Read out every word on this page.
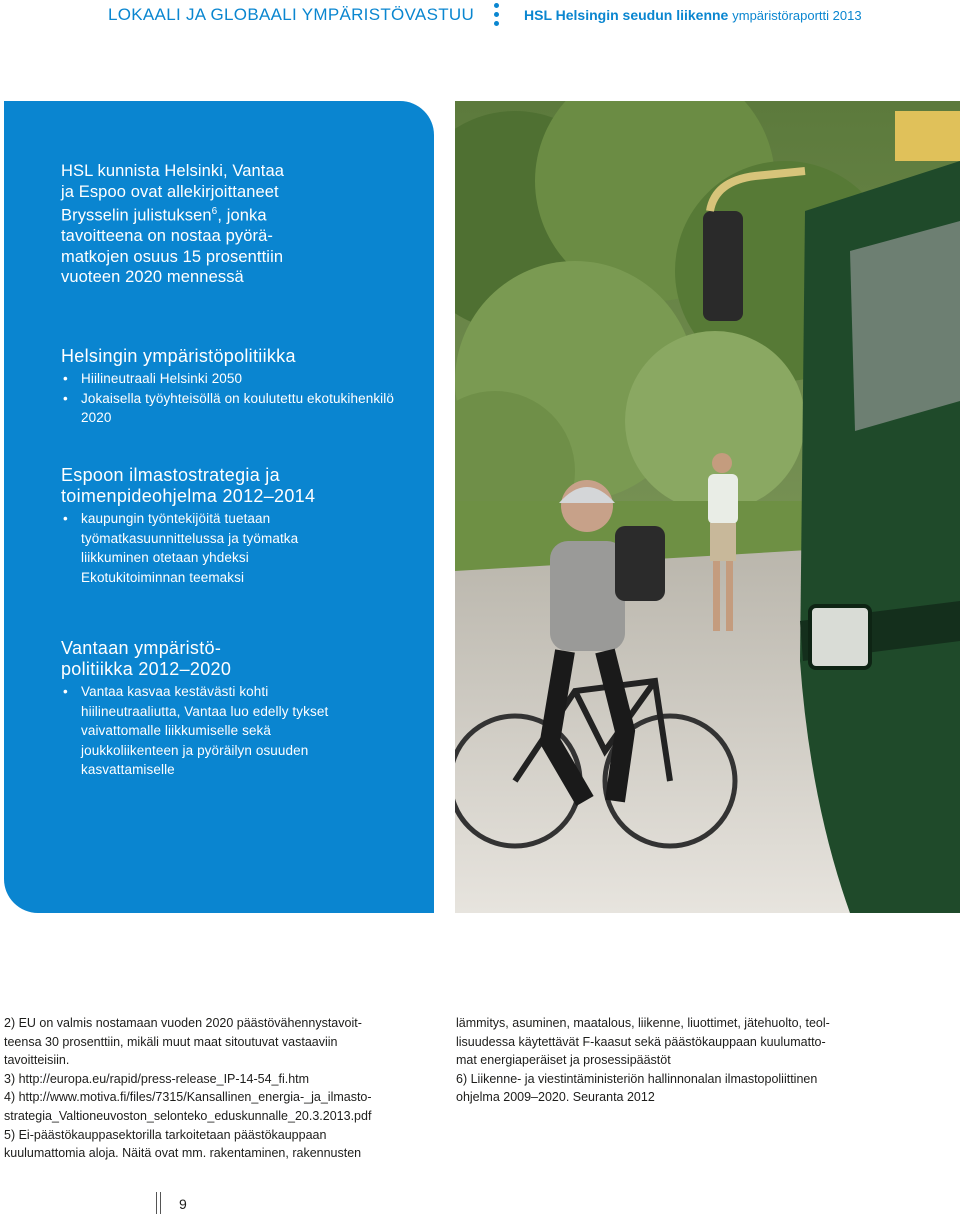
LOKAALI JA GLOBAALI YMPÄRISTÖVASTUU	HSL Helsingin seudun liikenne ympäristöraportti 2013
HSL kunnista Helsinki, Vantaa
ja Espoo ovat allekirjoittaneet
Brysselin julistuksen$^6$, jonka
tavoitteena on nostaa pyörä-
matkojen osuus 15 prosenttiin
vuoteen 2020 mennessä
Helsingin ympäristöpolitiikka
• Hiilineutraali Helsinki 2050
• Jokaisella työyhteisöllä on koulutettu ekotukihenkilö 2020
Espoon ilmastostrategia ja toimenpideohjelma 2012–2014
• kaupungin työntekijöitä tuetaan työmatkasuunnittelussa ja työmatka liikkuminen otetaan yhdeksi Ekotukitoiminnan teemaksi
Vantaan ympäristö-
politiikka 2012–2020
• Vantaa kasvaa kestävästi kohti hiilineutraaliutta, Vantaa luo edelly tykset vaivattomalle liikkumiselle sekä joukkoliikenteen ja pyöräilyn osuuden kasvattamiselle
2) EU on valmis nostamaan vuoden 2020 päästövähennystavoit-
teensa 30 prosenttiin, mikäli muut maat sitoutuvat vastaaviin
tavoitteisiin.
3) http://europa.eu/rapid/press-release_IP-14-54_fi.htm
4) http://www.motiva.fi/files/7315/Kansallinen_energia-_ja_ilmasto-
strategia_Valtioneuvoston_selonteko_eduskunnalle_20.3.2013.pdf
5) Ei-päästökauppasektorilla tarkoitetaan päästökauppaan
kuulumattomia aloja. Näitä ovat mm. rakentaminen, rakennusten
lämmitys, asuminen, maatalous, liikenne, liuottimet, jätehuolto, teol-
lisuudessa käytettävät F-kaasut sekä päästökauppaan kuulumatto-
mat energiaperäiset ja prosessipäästöt
6) Liikenne- ja viestintäministeriön hallinnonalan ilmastopoliittinen
ohjelma 2009–2020. Seuranta 2012
9
